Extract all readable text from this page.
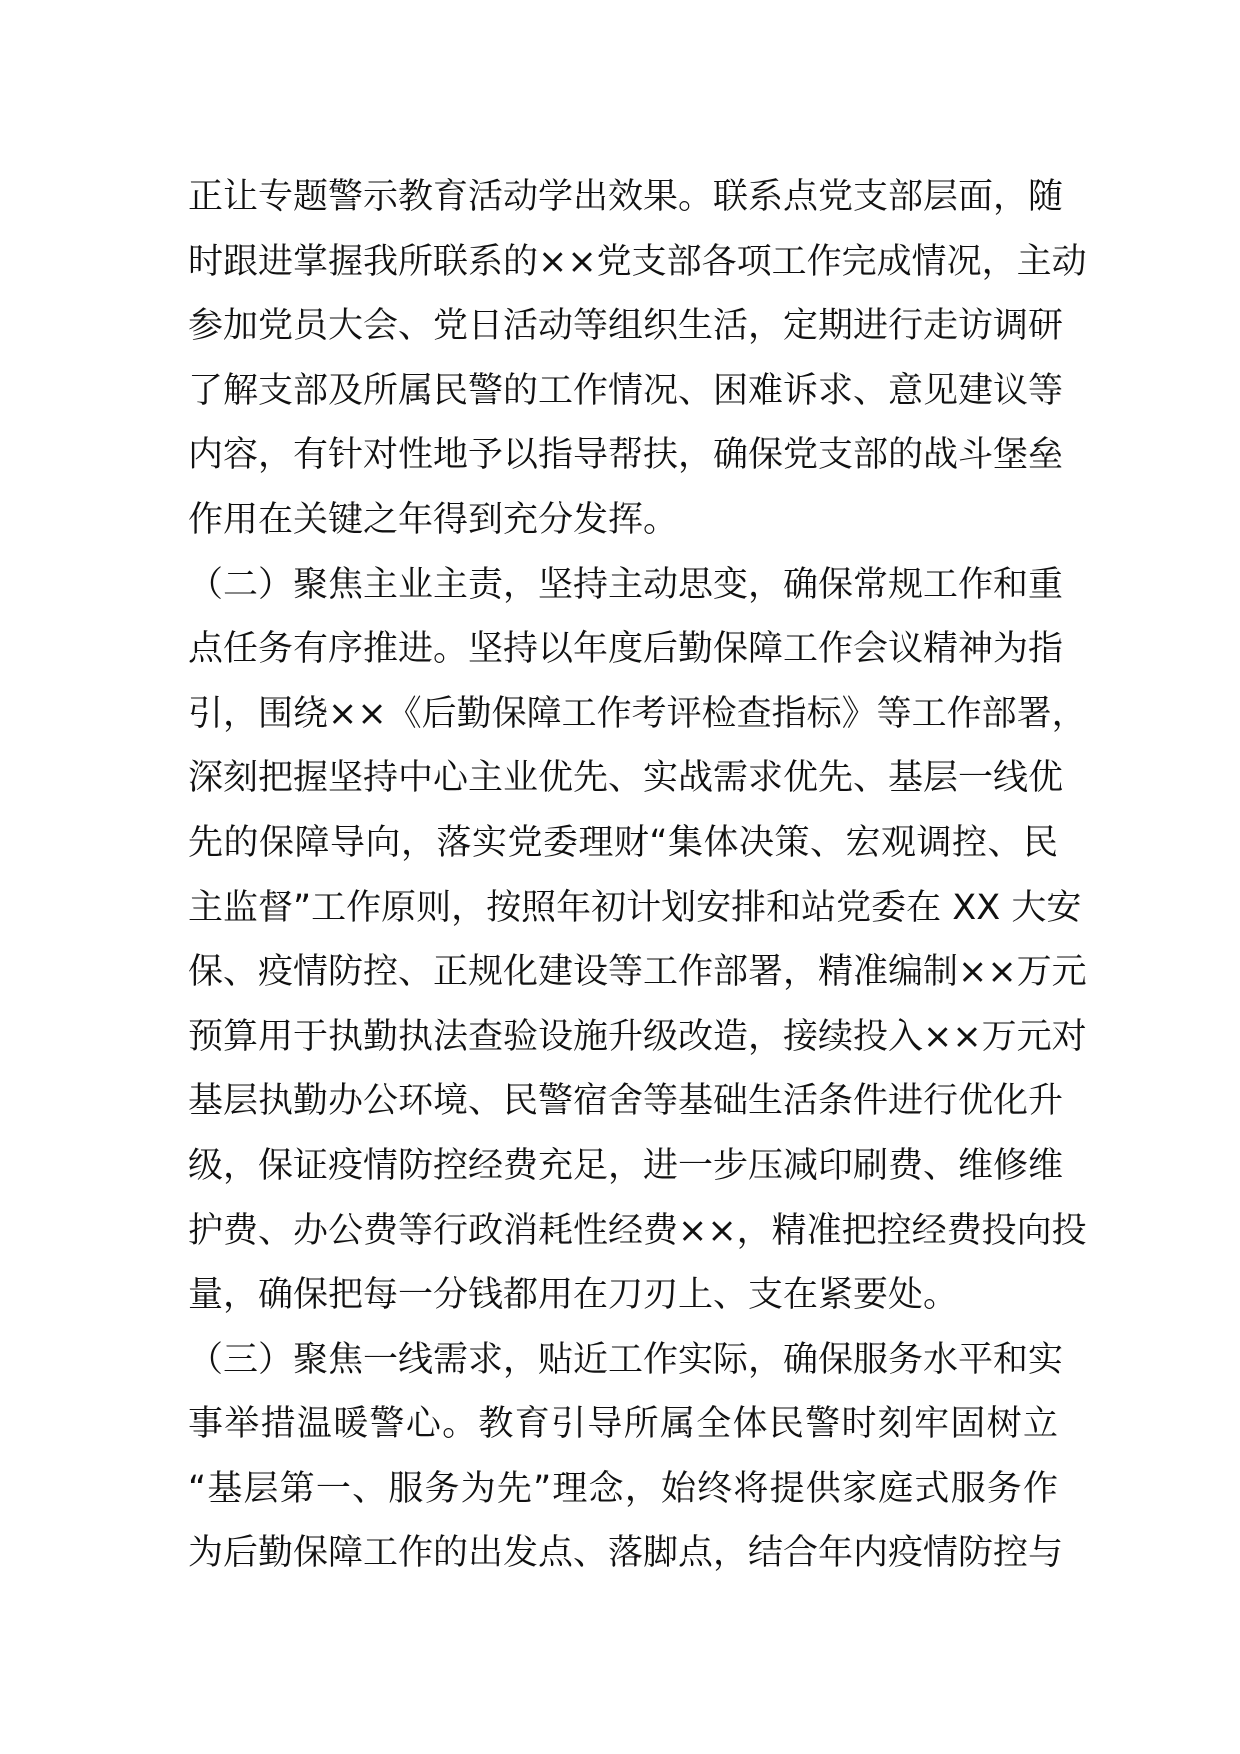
正让专题警示教育活动学出效果。联系点党支部层面，随
时跟进掌握我所联系的××党支部各项工作完成情况，主动
参加党员大会、党日活动等组织生活，定期进行走访调研
了解支部及所属民警的工作情况、困难诉求、意见建议等
内容，有针对性地予以指导帮扶，确保党支部的战斗堡垒
作用在关键之年得到充分发挥。
（二）聚焦主业主责，坚持主动思变，确保常规工作和重
点任务有序推进。坚持以年度后勤保障工作会议精神为指
引，围绕××《后勤保障工作考评检查指标》等工作部署，
深刻把握坚持中心主业优先、实战需求优先、基层一线优
先的保障导向，落实党委理财“集体决策、宏观调控、民
主监督”工作原则，按照年初计划安排和站党委在 XX 大安
保、疫情防控、正规化建设等工作部署，精准编制××万元
预算用于执勤执法查验设施升级改造，接续投入××万元对
基层执勤办公环境、民警宿舍等基础生活条件进行优化升
级，保证疫情防控经费充足，进一步压减印刷费、维修维
护费、办公费等行政消耗性经费××，精准把控经费投向投
量，确保把每一分钱都用在刀刃上、支在紧要处。
（三）聚焦一线需求，贴近工作实际，确保服务水平和实
事举措温暖警心。教育引导所属全体民警时刻牢固树立
“基层第一、服务为先”理念，始终将提供家庭式服务作
为后勤保障工作的出发点、落脚点，结合年内疫情防控与
